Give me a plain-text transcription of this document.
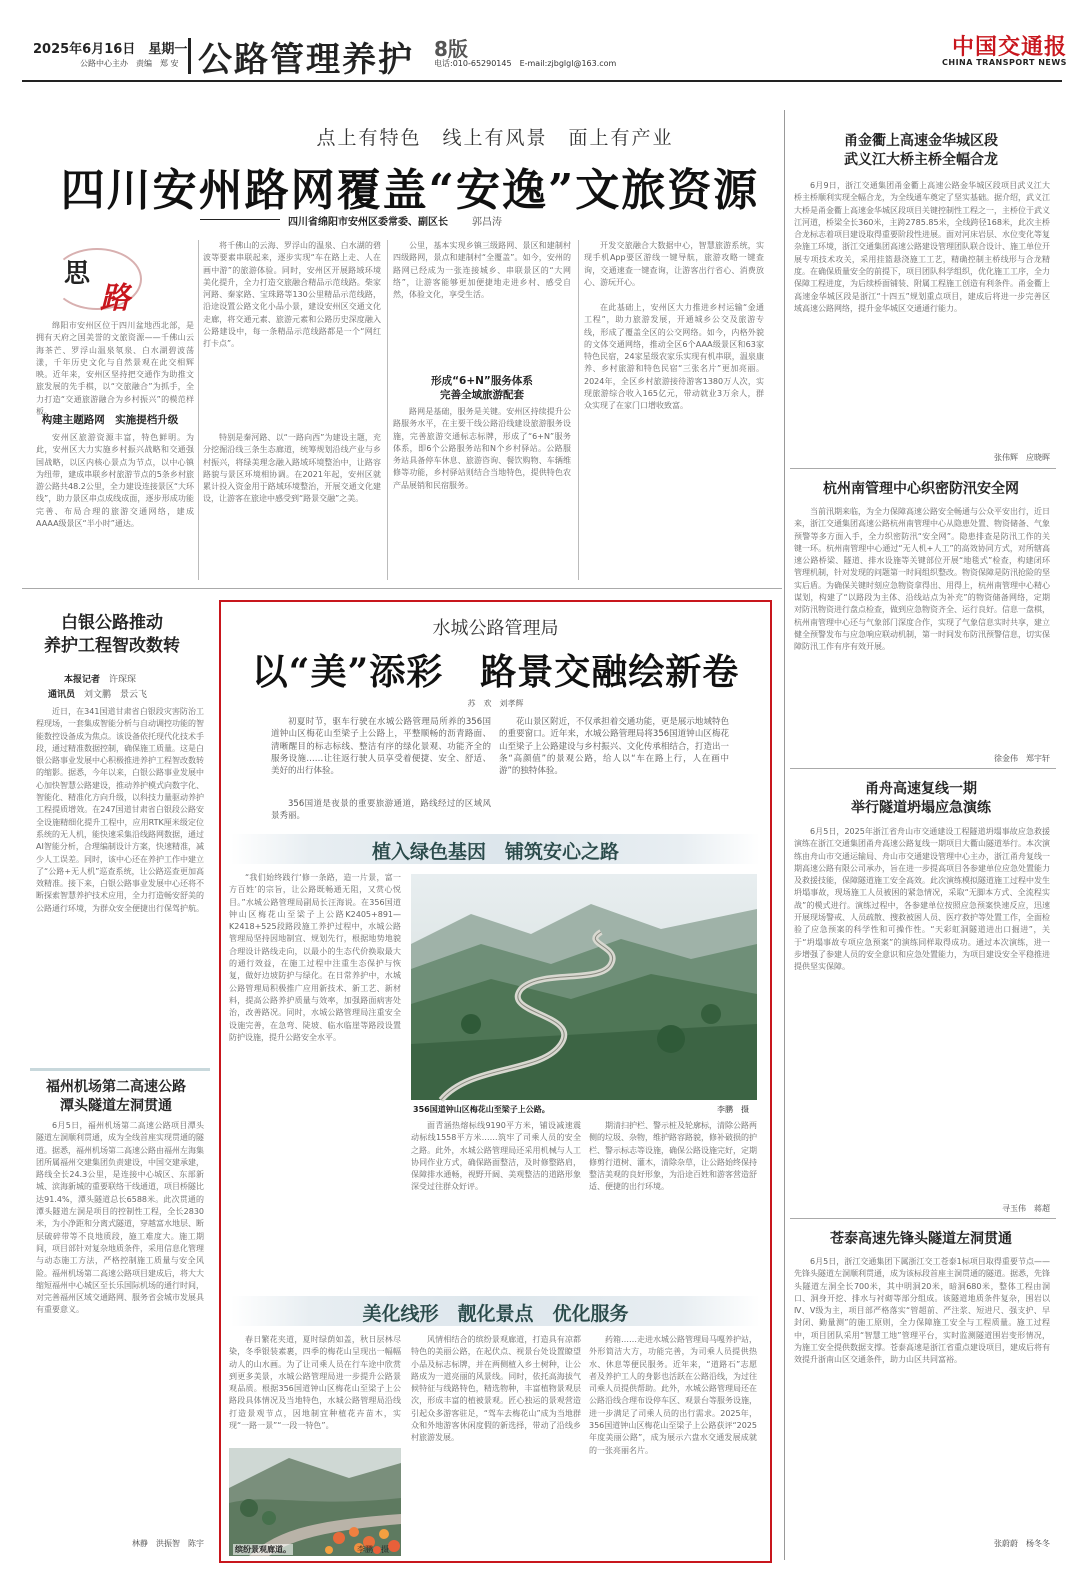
2025年6月16日　星期一
公路中心主办　责编　郑 安 公路管理养护 8版
电话:010-65290145　E-mail:zjbglgl@163.com
中国交通报
CHINA TRANSPORT NEWS
点上有特色　线上有风景　面上有产业
四川安州路网覆盖“安逸”文旅资源
四川省绵阳市安州区委常委、副区长 郭昌涛
思
路

绵阳市安州区位于四川盆地西北部，是拥有天府之国美誉的文旅资源——千佛山云海茶芒、罗浮山温泉氡泉、白水湖碧波荡漾，千年历史文化与自然景观在此交相辉映。近年来，安州区坚持把交通作为助推文旅发展的先手棋，以“交旅融合”为抓手，全力打造“交通旅游融合为乡村振兴”的模范样板。

构建主题路网　实施提档升级

安州区旅游资源丰富，特色鲜明。为此，安州区大力实施乡村振兴战略和交通强国战略，以区内核心景点为节点，以中心镇为纽带，建成串联乡村旅游节点的5条乡村旅游公路共48.2公里，全力建设连接景区“大环线”，助力景区串点成线成面，逐步形成功能完善、布局合理的旅游交通网络，建成AAAA级景区“半小时”通达。

将千佛山的云海、罗浮山的温泉、白水湖的碧波等要素串联起来，逐步实现“车在路上走、人在画中游”的旅游体验。同时，安州区开展路域环境美化提升，全力打造交旅融合精品示范线路。柴家河路、秦家路、宝珠路等130公里精品示范线路，沿途设置公路文化小品小景，建设安州区交通文化走廊，将交通元素、旅游元素和公路历史深度融入公路建设中，每一条精品示范线路都是一个“网红打卡点”。

特别是秦河路、以“一路向西”为建设主题，充分挖掘沿线三条生态廊道，统筹规划沿线产业与乡村振兴，将绿美理念融入路域环境整治中，让路容路貌与景区环境相协调。在2021年起，安州区就累计投入资金用于路域环境整治，开展交通文化建设，让游客在旅途中感受到“路景交融”之美。

公里，基本实现乡镇三级路网、景区和建制村四级路网，景点和建制村“全覆盖”。如今，安州的路网已经成为一张连接城乡、串联景区的“大网络”，让游客能够更加便捷地走进乡村、感受自然，体验文化，享受生活。

形成“6+N”服务体系
完善全域旅游配套

路网是基础，服务是关键。安州区持续提升公路服务水平，在主要干线公路沿线建设旅游服务设施，完善旅游交通标志标牌，形成了“6+N”服务体系，即6个公路服务站和N个乡村驿站。公路服务站具备停车休息、旅游咨询、餐饮购物、车辆维修等功能，乡村驿站则结合当地特色，提供特色农产品展销和民宿服务。

开发交旅融合大数据中心，智慧旅游系统，实现手机App要区游线一键导航，旅游攻略一键查询，交通速查一键查询，让游客出行省心、消费放心、游玩开心。

在此基础上，安州区大力推进乡村运输“金通工程”，助力旅游发展，开通城乡公交及旅游专线，形成了覆盖全区的公交网络。如今，内格外貌的文体交通网络，推动全区6个AAA级景区和63家特色民宿，24家星级农家乐实现有机串联，温泉康养、乡村旅游和特色民宿“三张名片”更加亮丽。2024年，全区乡村旅游接待游客1380万人次，实现旅游综合收入165亿元，带动就业3万余人，群众实现了在家门口增收致富。

甬金衢上高速金华城区段
武义江大桥主桥全幅合龙

6月9日，浙江交通集团甬金衢上高速公路金华城区段项目武义江大桥主桥顺利实现全幅合龙，为全线通车奠定了坚实基础。据介绍，武义江大桥是甬金衢上高速金华城区段项目关键控制性工程之一，主桥位于武义江河道，桥梁全长360米，主跨2785.85米，全线跨径168米，此次主桥合龙标志着项目建设取得重要阶段性进展。面对河床岩层、水位变化等复杂施工环境，浙江交通集团高速公路建设管理团队联合设计、施工单位开展专项技术攻关，采用挂篮悬浇施工工艺，精确控制主桥线形与合龙精度。在确保质量安全的前提下，项目团队科学组织，优化施工工序，全力保障工程进度，为后续桥面铺装、附属工程施工创造有利条件。甬金衢上高速金华城区段是浙江“十四五”规划重点项目，建成后将进一步完善区域高速公路网络，提升金华城区交通通行能力。

张伟辉　应晓晖
杭州南管理中心织密防汛安全网

当前汛期来临，为全力保障高速公路安全畅通与公众平安出行，近日来，浙江交通集团高速公路杭州南管理中心从隐患处置、物资储备、气象预警等多方面入手，全力织密防汛“安全网”。隐患排查是防汛工作的关键一环。杭州南管理中心通过“无人机+人工”的高效协同方式，对所辖高速公路桥梁、隧道、排水设施等关键部位开展“地毯式”检查，构建闭环管理机制，针对发现的问题第一时间组织整改。物资保障是防汛抢险的坚实后盾。为确保关键时刻应急物资拿得出、用得上，杭州南管理中心精心谋划，构建了“以路段为主体、沿线站点为补充”的物资储备网络，定期对防汛物资进行盘点检查，做到应急物资齐全、运行良好。信息一盘棋，杭州南管理中心还与气象部门深度合作，实现了气象信息实时共享，建立健全预警发布与应急响应联动机制，第一时间发布防汛预警信息，切实保障防汛工作有序有效开展。

徐金伟　郑宇轩
甬舟高速复线一期
举行隧道坍塌应急演练

6月5日，2025年浙江省舟山市交通建设工程隧道坍塌事故应急救援演练在浙江交通集团甬舟高速公路复线一期项目大衢山隧道举行。本次演练由舟山市交通运输局、舟山市交通建设管理中心主办，浙江甬舟复线一期高速公路有限公司承办，旨在进一步提高项目各参建单位应急处置能力及救援技能，保障隧道施工安全高效。此次演练模拟隧道施工过程中发生坍塌事故，现场施工人员被困的紧急情况，采取“无脚本方式、全流程实战”的模式进行。演练过程中，各参建单位按照应急预案快速反应，迅速开展现场警戒、人员疏散、搜救被困人员、医疗救护等处置工作，全面检验了应急预案的科学性和可操作性。“天彩虹洞隧道进出口掘进”，关于“坍塌事故专项应急预案”的演练同样取得成功。通过本次演练，进一步增强了参建人员的安全意识和应急处置能力，为项目建设安全平稳推进提供坚实保障。

寻玉伟　蒋超
苍泰高速先锋头隧道左洞贯通

6月5日，浙江交通集团下属浙江交工苍泰1标项目取得重要节点——先锋头隧道左洞顺利贯通，成为该标段首座主洞贯通的隧道。据悉，先锋头隧道左洞全长700米，其中明洞20米，暗洞680米，整体工程由洞口、洞身开挖、排水与衬砌等部分组成。该隧道地质条件复杂，围岩以Ⅳ、Ⅴ级为主，项目部严格落实“管超前、严注浆、短进尺、强支护、早封闭、勤量测”的施工原则，全力保障施工安全与工程质量。施工过程中，项目团队采用“智慧工地”管理平台，实时监测隧道围岩变形情况，为施工安全提供数据支撑。苍泰高速是浙江省重点建设项目，建成后将有效提升浙南山区交通条件，助力山区共同富裕。

张蔚蔚　杨冬冬
白银公路推动
养护工程智改数转
本报记者　 许琛琛
通讯员　 刘文鹏　景云飞

近日，在341国道甘肃省白银段灾害防治工程现场，一套集成智能分析与自动调控功能的智能数控设备成为焦点。该设备依托现代化技术手段，通过精准数据控制，确保施工质量。这是白银公路事业发展中心积极推进养护工程智改数转的缩影。据悉，今年以来，白银公路事业发展中心加快智慧公路建设，推动养护模式向数字化、智能化、精准化方向升级，以科技力量驱动养护工程提质增效。在247国道甘肃省白银段公路安全设施精细化提升工程中，应用RTK厘米级定位系统的无人机，能快速采集沿线路网数据，通过AI智能分析，合理编制设计方案，快速精准，减少人工误差。同时，该中心还在养护工作中建立了“公路+无人机”巡查系统，让公路巡查更加高效精准。接下来，白银公路事业发展中心还将不断探索智慧养护技术应用，全力打造畅安舒美的公路通行环境，为群众安全便捷出行保驾护航。

福州机场第二高速公路
潭头隧道左洞贯通

6月5日，福州机场第二高速公路项目潭头隧道左洞顺利贯通，成为全线首座实现贯通的隧道。据悉，福州机场第二高速公路由福州左海集团所属福州交建集团负责建设，中国交建承建，路线全长24.3公里，是连接中心城区、东部新城、滨海新城的重要联络干线通道，项目桥隧比达91.4%，潭头隧道总长6588米。此次贯通的潭头隧道左洞是项目的控制性工程，全长2830米，为小净距和分离式隧道，穿越富水地层、断层破碎带等不良地质段，施工难度大。施工期间，项目部针对复杂地质条件，采用信息化管理与动态施工方法，严格控制施工质量与安全风险。福州机场第二高速公路项目建成后，将大大缩短福州中心城区至长乐国际机场的通行时间，对完善福州区域交通路网、服务省会城市发展具有重要意义。

林静　洪振智　陈宇
水城公路管理局
以“美”添彩　路景交融绘新卷
苏　欢　刘孝辉

初夏时节，驱车行驶在水城公路管理局所养的356国道钟山区梅花山至梁子上公路上，平整顺畅的沥青路面、清晰醒目的标志标线、整洁有序的绿化景观、功能齐全的服务设施……让往返行驶人员享受着便捷、安全、舒适、美好的出行体验。

356国道是夜景的重要旅游通道，路线经过的区域风景秀丽。

花山景区附近，不仅承担着交通功能，更是展示地域特色的重要窗口。近年来，水城公路管理局将356国道钟山区梅花山至梁子上公路建设与乡村振兴、文化传承相结合，打造出一条“高颜值”的景观公路，给人以“车在路上行，人在画中游”的独特体验。

植入绿色基因　铺筑安心之路

“我们始终践行‘修一条路，造一片景，富一方百姓’的宗旨，让公路既畅通无阻，又赏心悦目。”水城公路管理局副局长汪海说。在356国道钟山区梅花山至梁子上公路K2405+891—K2418+525段路段施工养护过程中，水城公路管理局坚持因地制宜、规划先行，根据地势地貌合理设计路线走向，以最小的生态代价换取最大的通行效益，在施工过程中注重生态保护与恢复，做好边坡防护与绿化。在日常养护中，水城公路管理局积极推广应用新技术、新工艺、新材料，提高公路养护质量与效率，加强路面病害处治，改善路况。同时，水城公路管理局注重安全设施完善，在急弯、陡坡、临水临崖等路段设置防护设施，提升公路安全水平。

356国道钟山区梅花山至梁子上公路。	李鹏　摄

面青涵热熔标线9190平方米，铺设减速震动标线1558平方米……筑牢了司乘人员的安全之路。此外，水城公路管理局还采用机械与人工协同作业方式，确保路面整洁，及时修整路肩，保障排水通畅，视野开阔、美观整洁的道路形象深受过往群众好评。

期清扫护栏、警示桩及轮廓标，清除公路两侧的垃圾、杂物，维护路容路貌，修补破损的护栏、警示标志等设施，确保公路设施完好，定期修剪行道树、灌木，清除杂草，让公路始终保持整洁美观的良好形象，为沿途百姓和游客营造舒适、便捷的出行环境。

美化线形　靓化景点　优化服务

春日繁花夹道，夏时绿荫如盖，秋日层林尽染，冬季银装素裹，四季的梅花山呈现出一幅幅动人的山水画。为了让司乘人员在行车途中欣赏到更多美景，水城公路管理局进一步提升公路景观品质。根据356国道钟山区梅花山至梁子上公路段具体情况及当地特色，水城公路管理局沿线打造景观节点，因地制宜种植花卉苗木，实现“一路一景”“一段一特色”。

缤纷景观廊道。	李鹏　摄

风情相结合的缤纷景观廊道，打造具有凉都特色的美丽公路，在起伏点、视景台处设置瞭望小品及标志标牌，并在两侧植入乡土树种，让公路成为一道亮丽的风景线。同时，依托高海拔气候特征与线路特色，精选物种，丰富植物景观层次，形成丰富的植被景观。匠心独运的景观营造引起众多游客驻足，“驾车去梅花山”成为当地群众和外地游客休闲度假的新选择，带动了沿线乡村旅游发展。

药箱……走进水城公路管理局马嘎养护站，外形简洁大方，功能完善，为司乘人员提供热水、休息等便民服务。近年来，“道路石”志愿者及养护工人的身影也活跃在公路沿线，为过往司乘人员提供帮助。此外，水城公路管理局还在公路沿线合理布设停车区、观景台等服务设施，进一步满足了司乘人员的出行需求。2025年，356国道钟山区梅花山至梁子上公路获评“2025年度美丽公路”，成为展示六盘水交通发展成就的一张亮丽名片。
